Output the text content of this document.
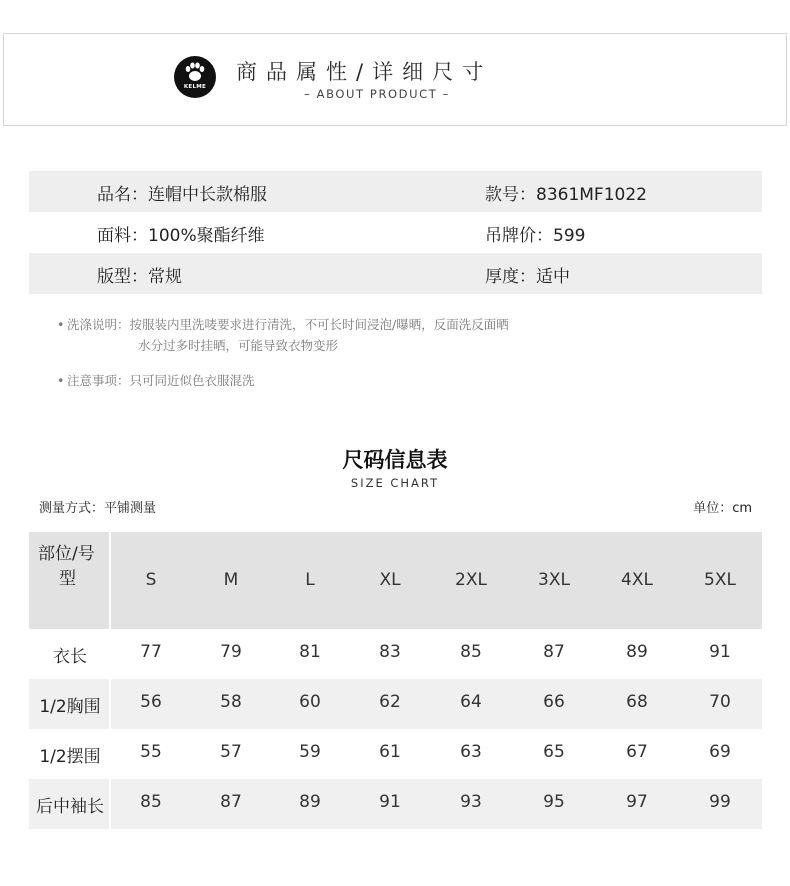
KELME
商品属性/详细尺寸
– ABOUT PRODUCT –
品名：连帽中长款棉服	款号：8361MF1022
面料：100%聚酯纤维	吊牌价：599
版型：常规	厚度：适中
• 洗涤说明：按服装内里洗唛要求进行清洗，不可长时间浸泡/曝晒，反面洗反面晒
水分过多时挂晒，可能导致衣物变形
• 注意事项：只可同近似色衣服混洗
尺码信息表
SIZE CHART
测量方式：平铺测量	单位：cm
部位/号
型	S	M	L	XL	2XL	3XL	4XL	5XL
衣长	77	79	81	83	85	87	89	91
1/2胸围	56	58	60	62	64	66	68	70
1/2摆围	55	57	59	61	63	65	67	69
后中袖长	85	87	89	91	93	95	97	99
